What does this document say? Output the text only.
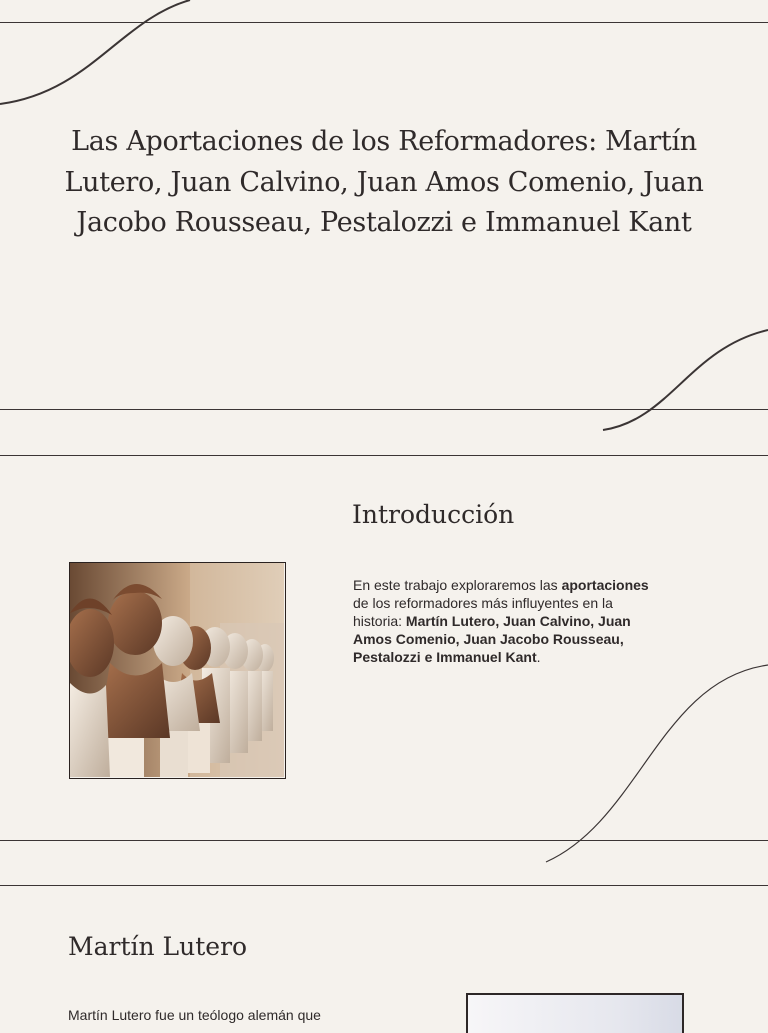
Las Aportaciones de los Reformadores: Martín Lutero, Juan Calvino, Juan Amos Comenio, Juan Jacobo Rousseau, Pestalozzi e Immanuel Kant
Introducción

En este trabajo exploraremos las aportaciones de los reformadores más influyentes en la historia: Martín Lutero, Juan Calvino, Juan Amos Comenio, Juan Jacobo Rousseau, Pestalozzi e Immanuel Kant.

Martín Lutero

Martín Lutero fue un teólogo alemán que
